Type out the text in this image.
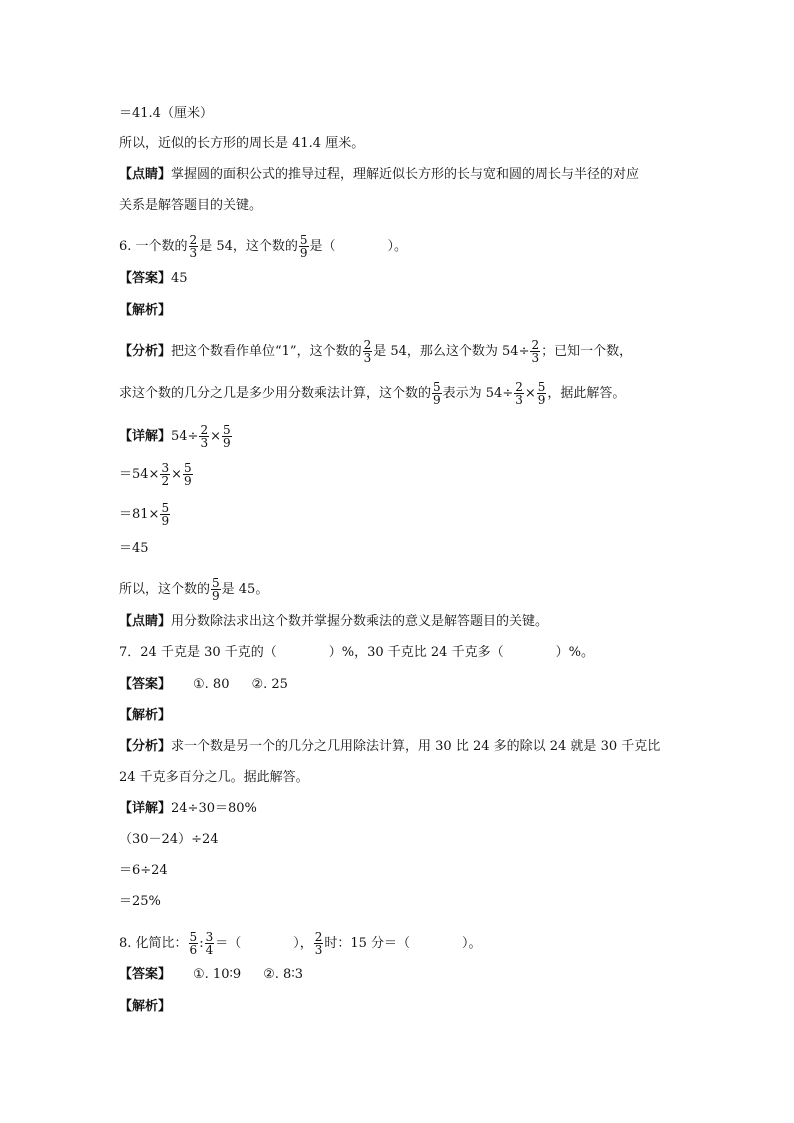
＝41.4（厘米）
所以，近似的长方形的周长是 41.4 厘米。
【点睛】掌握圆的面积公式的推导过程，理解近似长方形的长与宽和圆的周长与半径的对应
关系是解答题目的关键。
6. 一个数的 $\frac{2}{3}$ 是 54，这个数的 $\frac{5}{9}$ 是（　　　　）。
【答案】45
【解析】
【分析】把这个数看作单位“1”，这个数的 $\frac{2}{3}$ 是 54，那么这个数为 $54\div \frac{2}{3}$ ；已知一个数，
求这个数的几分之几是多少用分数乘法计算，这个数的 $\frac{5}{9}$ 表示为 $54\div \frac{2}{3} \times \frac{5}{9}$ ，据此解答。
【详解】$54\div \frac{2}{3} \times \frac{5}{9}$
$=54\times \frac{3}{2} \times \frac{5}{9}$
$=81\times \frac{5}{9}$
＝45
所以，这个数的 $\frac{5}{9}$ 是 45。
【点睛】用分数除法求出这个数并掌握分数乘法的意义是解答题目的关键。
7．24 千克是 30 千克的（　　　　）%，30 千克比 24 千克多（　　　　）%。
【答案】 ①. 80 ②. 25
【解析】
【分析】求一个数是另一个的几分之几用除法计算，用 30 比 24 多的除以 24 就是 30 千克比
24 千克多百分之几。据此解答。
【详解】24÷30＝80%
（30－24）÷24
＝6÷24
＝25%
8. 化简比： $\frac{5}{6}$ : $\frac{3}{4}$ ＝（　　　　）， $\frac{2}{3}$ 时：15 分＝（　　　　）。
【答案】 ①. 10∶9 ②. 8∶3
【解析】
